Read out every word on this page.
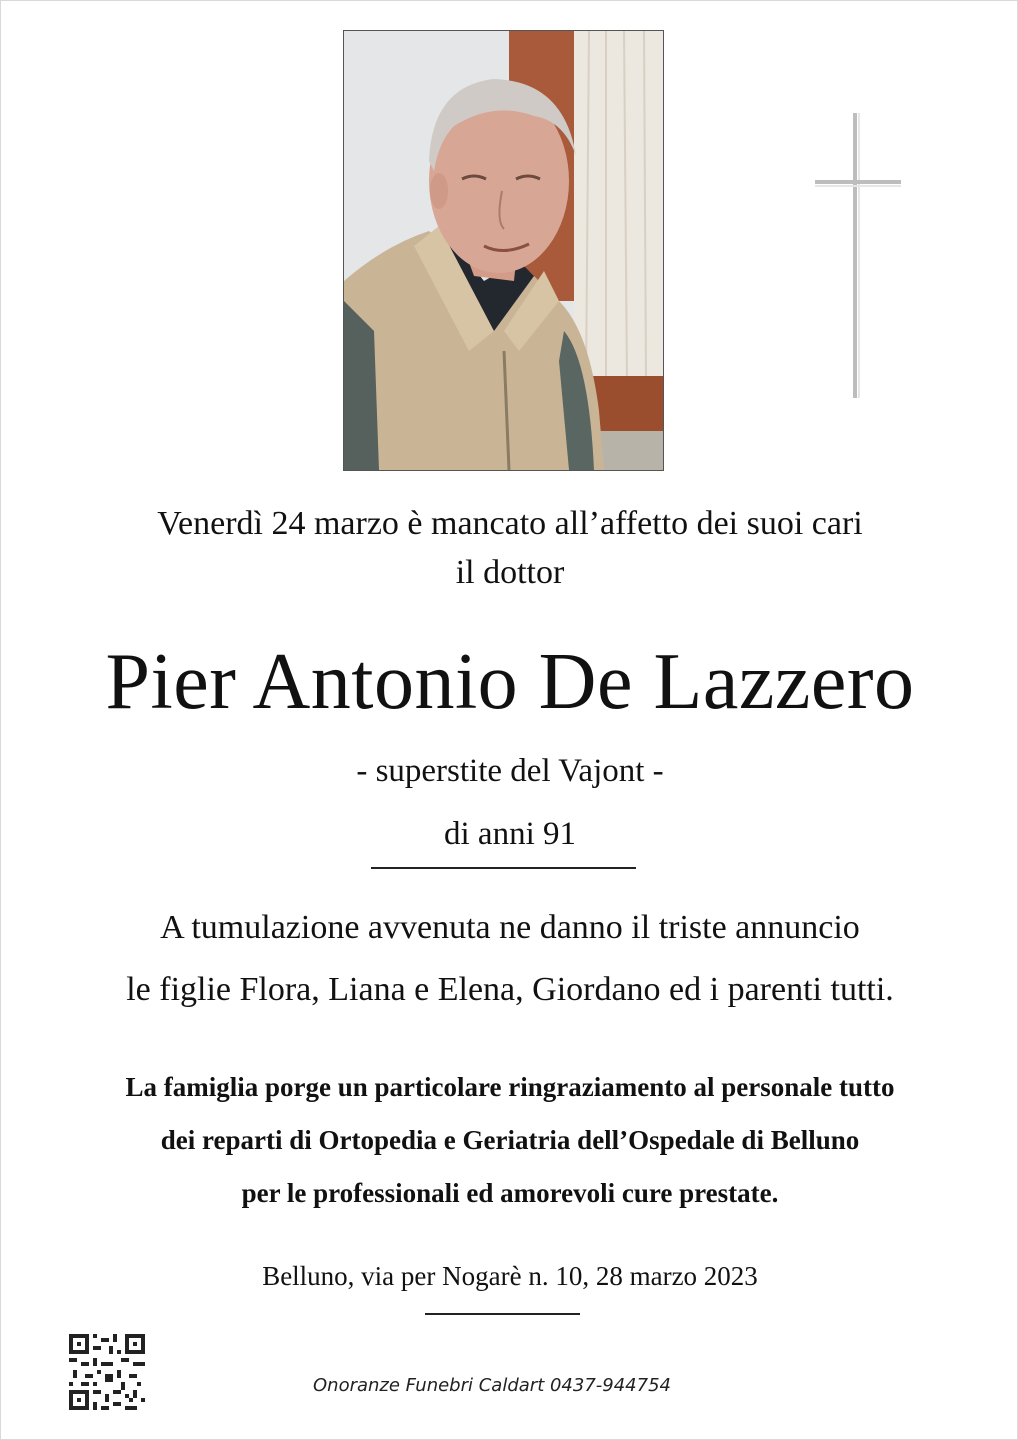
Venerdì 24 marzo è mancato all’affetto dei suoi cari
il dottor
Pier Antonio De Lazzero
- superstite del Vajont -
di anni 91
A tumulazione avvenuta ne danno il triste annuncio
le figlie Flora, Liana e Elena, Giordano ed i parenti tutti.
La famiglia porge un particolare ringraziamento al personale tutto
dei reparti di Ortopedia e Geriatria dell’Ospedale di Belluno
per le professionali ed amorevoli cure prestate.
Belluno, via per Nogarè n. 10, 28 marzo 2023
Onoranze Funebri Caldart 0437-944754
